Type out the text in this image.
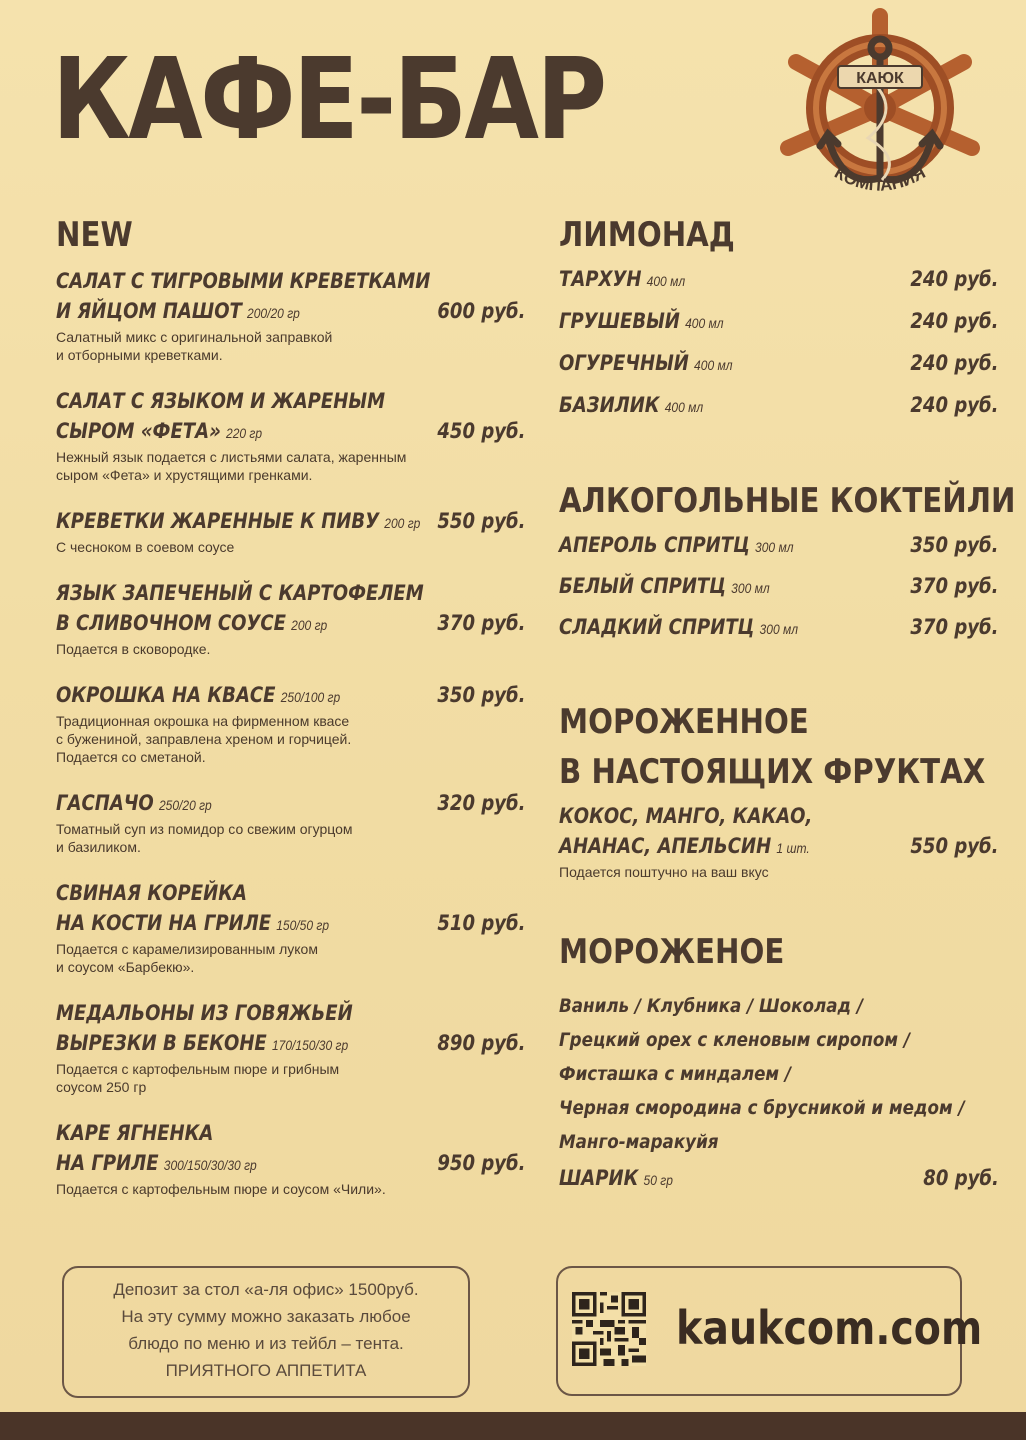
КАФЕ-БАР	КАЮК
КОМПАНИЯ
NEW
САЛАТ С ТИГРОВЫМИ КРЕВЕТКАМИ
И ЯЙЦОМ ПАШОТ 200/20 гр	600 руб.
Салатный микс с оригинальной заправкой
и отборными креветками.
САЛАТ С ЯЗЫКОМ И ЖАРЕНЫМ
СЫРОМ «ФЕТА» 220 гр	450 руб.
Нежный язык подается с листьями салата, жаренным
сыром «Фета» и хрустящими гренками.
КРЕВЕТКИ ЖАРЕННЫЕ К ПИВУ 200 гр 550 руб.
С чесноком в соевом соусе
ЯЗЫК ЗАПЕЧЕНЫЙ С КАРТОФЕЛЕМ
В СЛИВОЧНОМ СОУСЕ 200 гр	370 руб.
Подается в сковородке.
ОКРОШКА НА КВАСЕ 250/100 гр	350 руб.
Традиционная окрошка на фирменном квасе
с бужениной, заправлена хреном и горчицей.
Подается со сметаной.
ГАСПАЧО 250/20 гр	320 руб.
Томатный суп из помидор со свежим огурцом
и базиликом.
СВИНАЯ КОРЕЙКА
НА КОСТИ НА ГРИЛЕ 150/50 гр	510 руб.
Подается с карамелизированным луком
и соусом «Барбекю».
МЕДАЛЬОНЫ ИЗ ГОВЯЖЬЕЙ
ВЫРЕЗКИ В БЕКОНЕ 170/150/30 гр	890 руб.
Подается с картофельным пюре и грибным
соусом 250 гр
КАРЕ ЯГНЕНКА
НА ГРИЛЕ 300/150/30/30 гр	950 руб.
Подается с картофельным пюре и соусом «Чили».
ЛИМОНАД
ТАРХУН 400 мл	240 руб.
ГРУШЕВЫЙ 400 мл	240 руб.
ОГУРЕЧНЫЙ 400 мл	240 руб.
БАЗИЛИК 400 мл	240 руб.
АЛКОГОЛЬНЫЕ КОКТЕЙЛИ
АПЕРОЛЬ СПРИТЦ 300 мл	350 руб.
БЕЛЫЙ СПРИТЦ 300 мл	370 руб.
СЛАДКИЙ СПРИТЦ 300 мл	370 руб.
МОРОЖЕННОЕ
В НАСТОЯЩИХ ФРУКТАХ
КОКОС, МАНГО, КАКАО,
АНАНАС, АПЕЛЬСИН 1 шт.	550 руб.
Подается поштучно на ваш вкус
МОРОЖЕНОЕ
Ваниль / Клубника / Шоколад /
Грецкий орех с кленовым сиропом /
Фисташка с миндалем /
Черная смородина с брусникой и медом /
Манго-маракуйя
ШАРИК 50 гр	80 руб.
Депозит за стол «а-ля офис» 1500руб.
На эту сумму можно заказать любое
блюдо по меню и из тейбл – тента.
ПРИЯТНОГО АППЕТИТА
kaukcom.com
